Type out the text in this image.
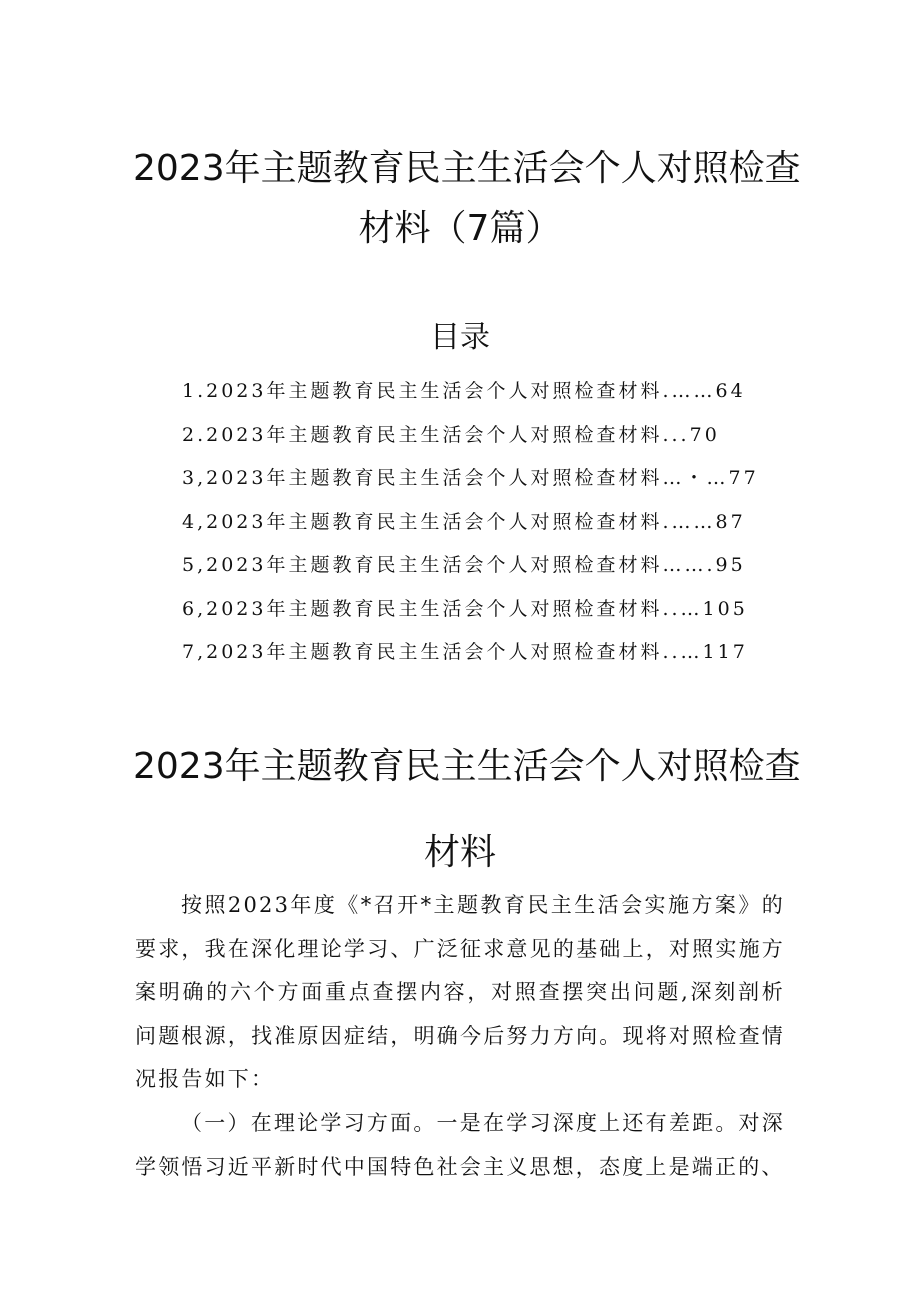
2023年主题教育民主生活会个人对照检查
材料（7篇）
目录
1.2023年主题教育民主生活会个人对照检查材料.……64
2.2023年主题教育民主生活会个人对照检查材料...70
3,2023年主题教育民主生活会个人对照检查材料…・…77
4,2023年主题教育民主生活会个人对照检查材料.……87
5,2023年主题教育民主生活会个人对照检查材料…….95
6,2023年主题教育民主生活会个人对照检查材料..…105
7,2023年主题教育民主生活会个人对照检查材料..…117
2023年主题教育民主生活会个人对照检查
材料
按照2023年度《*召开*主题教育民主生活会实施方案》的要求，我在深化理论学习、广泛征求意见的基础上，对照实施方案明确的六个方面重点查摆内容，对照查摆突出问题,深刻剖析问题根源，找准原因症结，明确今后努力方向。现将对照检查情况报告如下：
（一）在理论学习方面。一是在学习深度上还有差距。对深学领悟习近平新时代中国特色社会主义思想，态度上是端正的、
